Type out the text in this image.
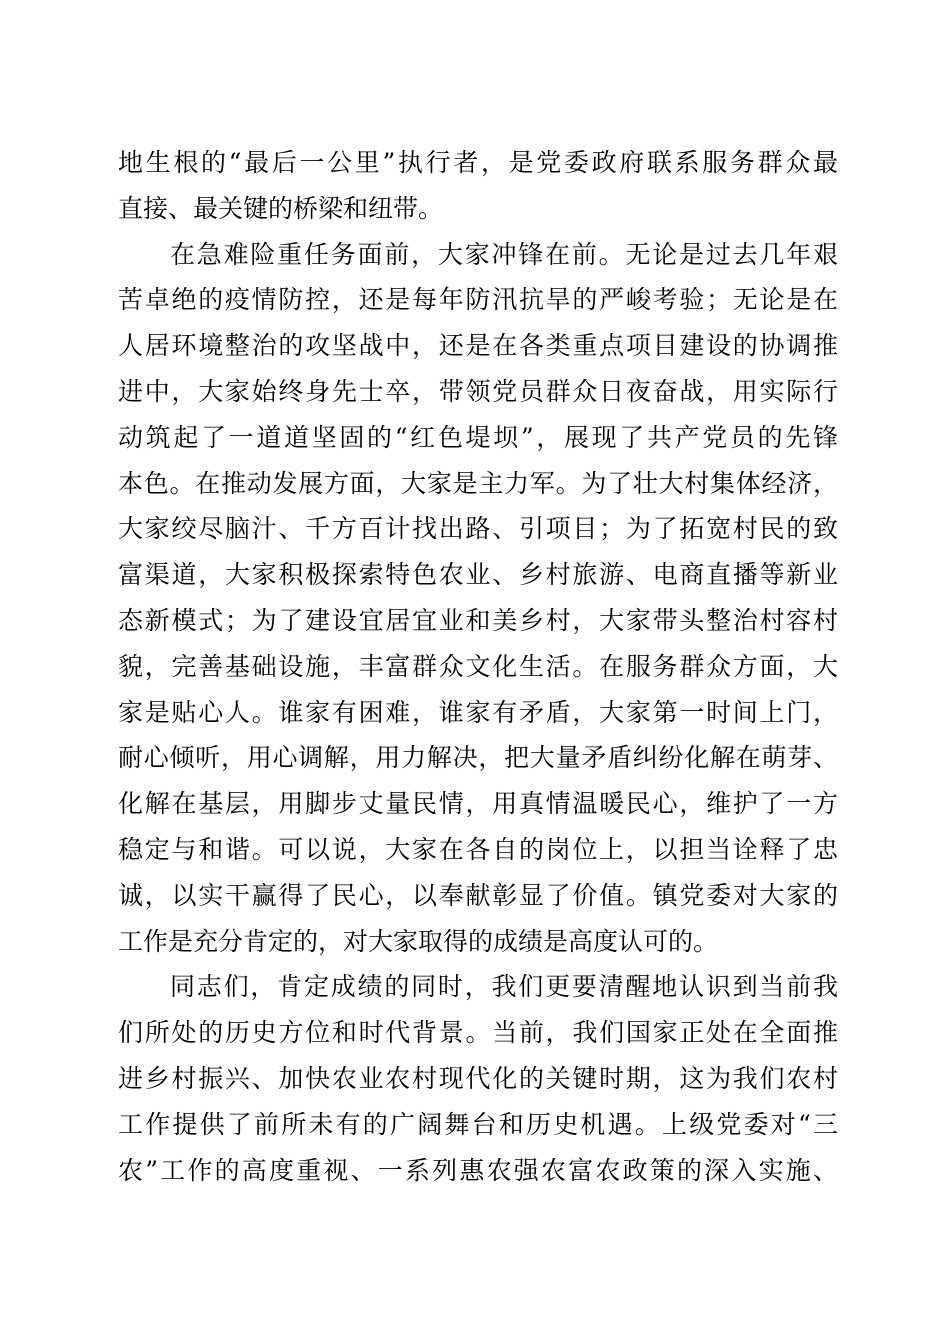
地生根的“最后一公里”执行者，是党委政府联系服务群众最
直接、最关键的桥梁和纽带。
在急难险重任务面前，大家冲锋在前。无论是过去几年艰
苦卓绝的疫情防控，还是每年防汛抗旱的严峻考验；无论是在
人居环境整治的攻坚战中，还是在各类重点项目建设的协调推
进中，大家始终身先士卒，带领党员群众日夜奋战，用实际行
动筑起了一道道坚固的“红色堤坝”，展现了共产党员的先锋
本色。在推动发展方面，大家是主力军。为了壮大村集体经济，
大家绞尽脑汁、千方百计找出路、引项目；为了拓宽村民的致
富渠道，大家积极探索特色农业、乡村旅游、电商直播等新业
态新模式；为了建设宜居宜业和美乡村，大家带头整治村容村
貌，完善基础设施，丰富群众文化生活。在服务群众方面，大
家是贴心人。谁家有困难，谁家有矛盾，大家第一时间上门，
耐心倾听，用心调解，用力解决，把大量矛盾纠纷化解在萌芽、
化解在基层，用脚步丈量民情，用真情温暖民心，维护了一方
稳定与和谐。可以说，大家在各自的岗位上，以担当诠释了忠
诚，以实干赢得了民心，以奉献彰显了价值。镇党委对大家的
工作是充分肯定的，对大家取得的成绩是高度认可的。
同志们，肯定成绩的同时，我们更要清醒地认识到当前我
们所处的历史方位和时代背景。当前，我们国家正处在全面推
进乡村振兴、加快农业农村现代化的关键时期，这为我们农村
工作提供了前所未有的广阔舞台和历史机遇。上级党委对“三
农”工作的高度重视、一系列惠农强农富农政策的深入实施、
